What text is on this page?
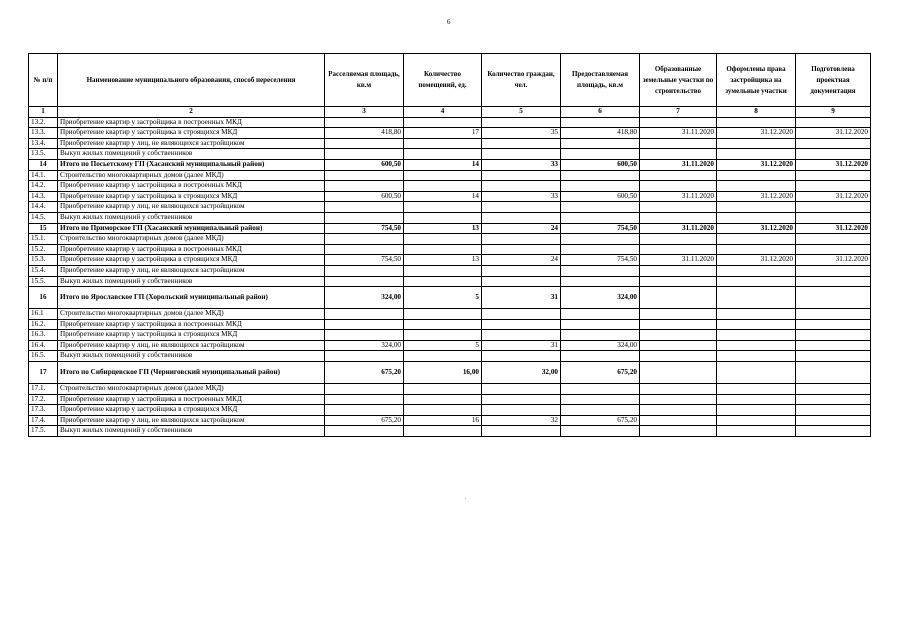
6
№ п/п	Наименование муниципального образования, способ переселения	Расселяемая площадь, кв.м	Количество помещений, ед.	Количество граждан, чел.	Предоставляемая площадь, кв.м	Образованные земельные участки по строительство	Оформлены права застройщика на зумельные участки	Подготовлена проектная документация
1	2	3	4	5	6	7	8	9
13.2.	Приобретение квартир у застройщика в построенных МКД							
13.3.	Приобретение квартир у застройщика в строящихся МКД	418,80	17	35	418,80	31.11.2020	31.12.2020	31.12.2020
13.4.	Приобретение квартир у лиц, не являющихся застройщиком							
13.5.	Выкуп жилых помещений у собственников							
14	Итого по Посьетскому ГП (Хасанский муниципальный район)	600,50	14	33	600,50	31.11.2020	31.12.2020	31.12.2020
14.1.	Строительство многоквартирных домов (далее МКД)							
14.2.	Приобретение квартир у застройщика в построенных МКД							
14.3.	Приобретение квартир у застройщика в строящихся МКД	600,50	14	33	600,50	31.11.2020	31.12.2020	31.12.2020
14.4.	Приобретение квартир у лиц, не являющихся застройщиком							
14.5.	Выкуп жилых помещений у собственников							
15	Итого по Приморское ГП (Хасанский муниципальный район)	754,50	13	24	754,50	31.11.2020	31.12.2020	31.12.2020
15.1.	Строительство многоквартирных домов (далее МКД)							
15.2.	Приобретение квартир у застройщика в построенных МКД							
15.3.	Приобретение квартир у застройщика в строящихся МКД	754,50	13	24	754,50	31.11.2020	31.12.2020	31.12.2020
15.4.	Приобретение квартир у лиц, не являющихся застройщиком							
15.5.	Выкуп жилых помещений у собственников							
16	Итого по Ярославское ГП (Хорольский муниципальный район)	324,00	5	31	324,00			
16.1	Строительство многоквартирных домов (далее МКД)							
16.2.	Приобретение квартир у застройщика в построенных МКД							
16.3.	Приобретение квартир у застройщика в строящихся МКД							
16.4.	Приобретение квартир у лиц, не являющихся застройщиком	324,00	5	31	324,00			
16.5.	Выкуп жилых помещений у собственников							
17	Итого по Сибирцевское ГП (Черниговский муниципальный район)	675,20	16,00	32,00	675,20			
17.1.	Строительство многоквартирных домов (далее МКД)							
17.2.	Приобретение квартир у застройщика в построенных МКД							
17.3.	Приобретение квартир у застройщика в строящихся МКД							
17.4.	Приобретение квартир у лиц, не являющихся застройщиком	675,20	16	32	675,20			
17.5.	Выкуп жилых помещений у собственников							
